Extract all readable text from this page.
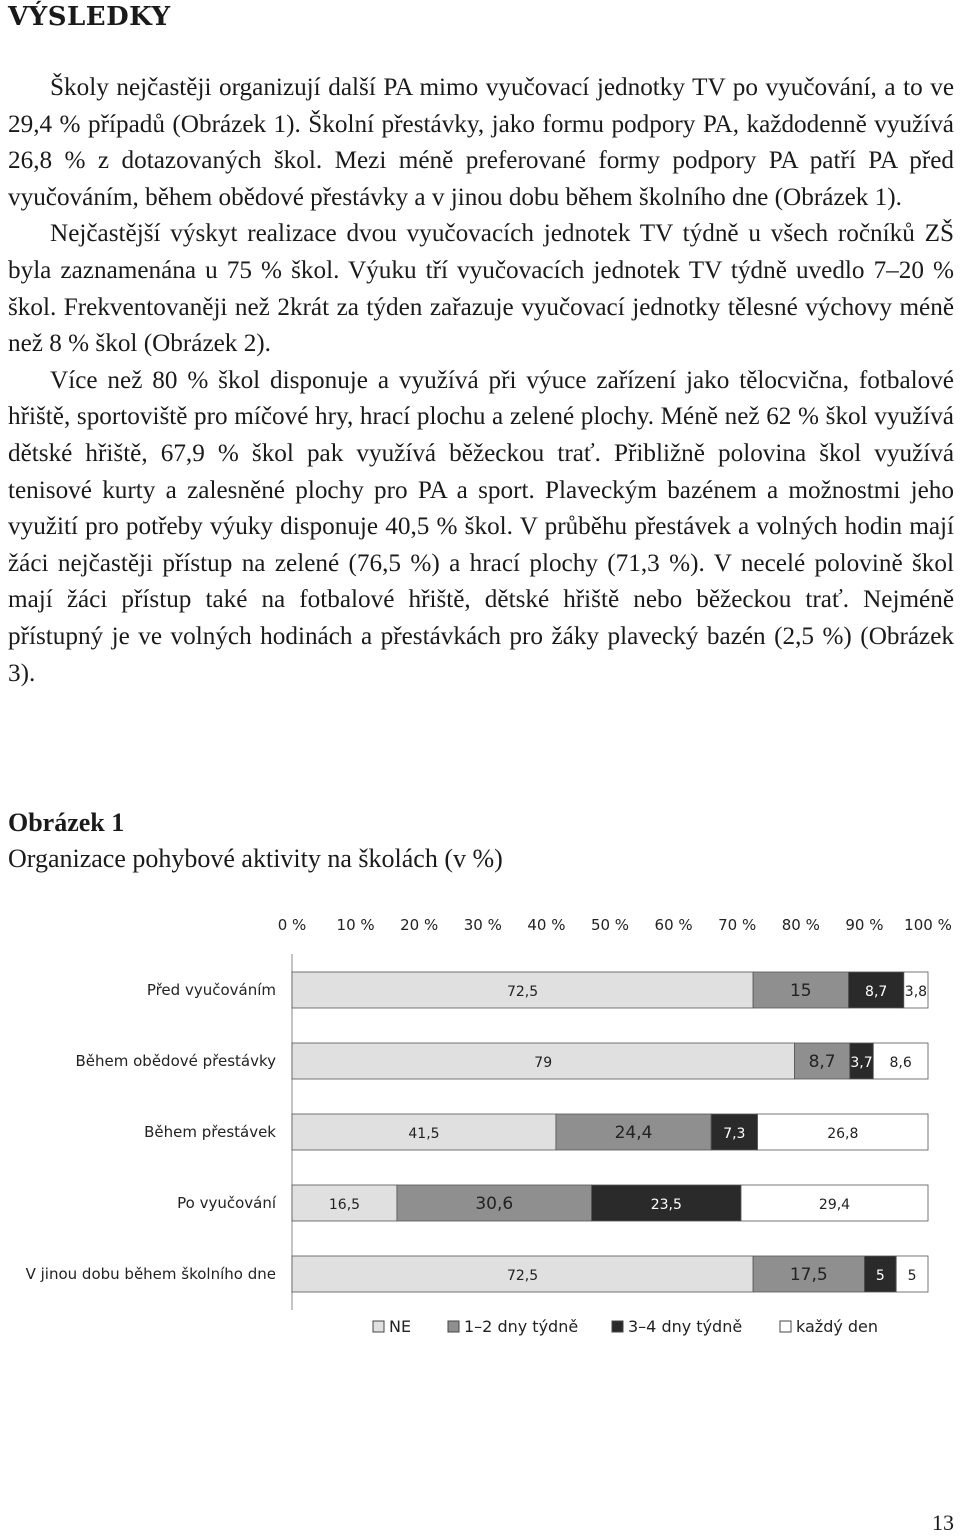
VÝSLEDKY

Školy nejčastěji organizují další PA mimo vyučovací jednotky TV po vyučování, a to ve 29,4 % případů (Obrázek 1). Školní přestávky, jako formu podpory PA, každodenně využívá 26,8 % z dotazovaných škol. Mezi méně preferované formy podpory PA patří PA před vyučováním, během obědové přestávky a v jinou dobu během školního dne (Obrázek 1).

Nejčastější výskyt realizace dvou vyučovacích jednotek TV týdně u všech ročníků ZŠ byla zaznamenána u 75 % škol. Výuku tří vyučovacích jednotek TV týdně uvedlo 7–20 % škol. Frekventovaněji než 2krát za týden zařazuje vyučovací jednotky tělesné výchovy méně než 8 % škol (Obrázek 2).

Více než 80 % škol disponuje a využívá při výuce zařízení jako tělocvična, fotbalové hřiště, sportoviště pro míčové hry, hrací plochu a zelené plochy. Méně než 62 % škol využívá dětské hřiště, 67,9 % škol pak využívá běžeckou trať. Přibližně polovina škol využívá tenisové kurty a zalesněné plochy pro PA a sport. Plaveckým bazénem a možnostmi jeho využití pro potřeby výuky disponuje 40,5 % škol. V průběhu přestávek a volných hodin mají žáci nejčastěji přístup na zelené (76,5 %) a hrací plochy (71,3 %). V necelé polovině škol mají žáci přístup také na fotbalové hřiště, dětské hřiště nebo běžeckou trať. Nejméně přístupný je ve volných hodinách a přestávkách pro žáky plavecký bazén (2,5 %) (Obrázek 3).

Obrázek 1
Organizace pohybové aktivity na školách (v %)
0 % 10 % 20 % 30 % 40 % 50 % 60 % 70 % 80 % 90 % 100 %
Před vyučováním	72,5	15	8,7 3,8
Během obědové přestávky	79	8,7 3,7 8,6
Během přestávek	41,5	24,4	7,3	26,8
Po vyučování	16,5	30,6	23,5	29,4
V jinou dobu během školního dne	72,5	17,5	5 5
NE	1–2 dny týdně	3–4 dny týdně	každý den
13
